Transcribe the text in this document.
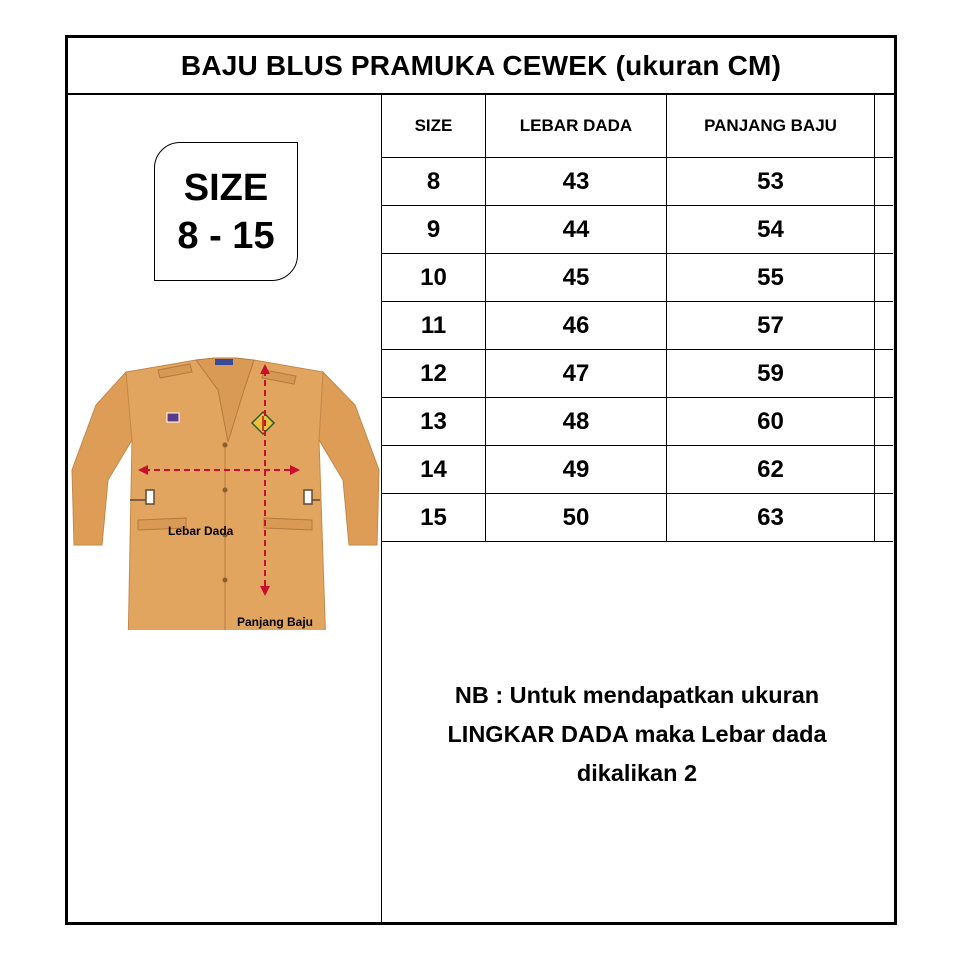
BAJU BLUS PRAMUKA CEWEK (ukuran CM)
SIZE
8 - 15
Lebar Dada
Panjang Baju
SIZE	LEBAR DADA	PANJANG BAJU	
8	43	53	
9	44	54	
10	45	55	
11	46	57	
12	47	59	
13	48	60	
14	49	62	
15	50	63	
NB : Untuk mendapatkan ukuran
LINGKAR DADA maka Lebar dada
dikalikan 2
